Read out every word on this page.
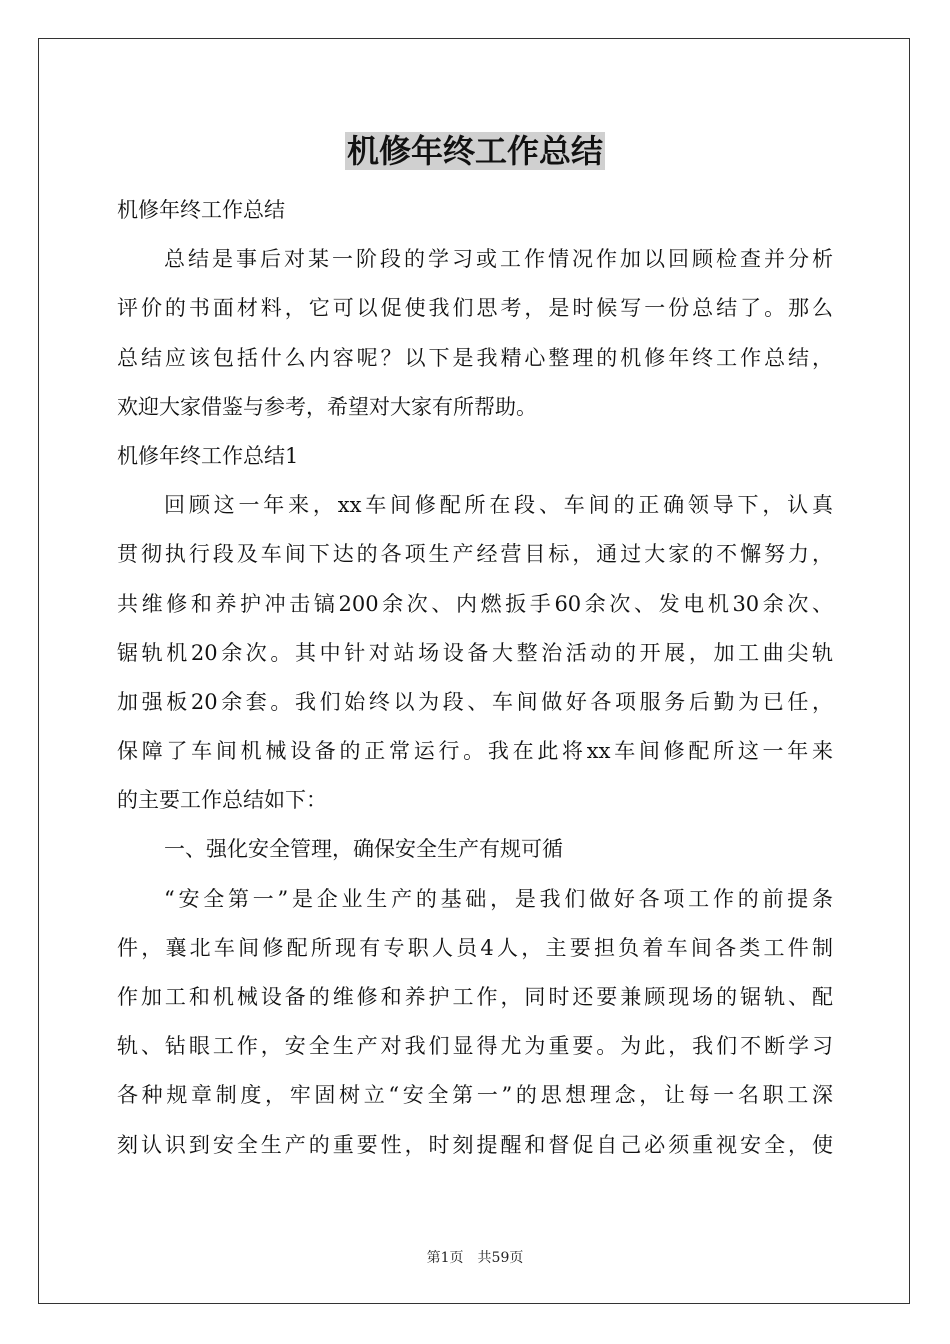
机修年终工作总结
机修年终工作总结
总结是事后对某一阶段的学习或工作情况作加以回顾检查并分析
评价的书面材料，它可以促使我们思考，是时候写一份总结了。那么
总结应该包括什么内容呢？以下是我精心整理的机修年终工作总结，
欢迎大家借鉴与参考，希望对大家有所帮助。
机修年终工作总结1
回顾这一年来，xx车间修配所在段、车间的正确领导下，认真
贯彻执行段及车间下达的各项生产经营目标，通过大家的不懈努力，
共维修和养护冲击镐200余次、内燃扳手60余次、发电机30余次、
锯轨机20余次。其中针对站场设备大整治活动的开展，加工曲尖轨
加强板20余套。我们始终以为段、车间做好各项服务后勤为已任，
保障了车间机械设备的正常运行。我在此将xx车间修配所这一年来
的主要工作总结如下：
一、强化安全管理，确保安全生产有规可循
“安全第一”是企业生产的基础，是我们做好各项工作的前提条
件，襄北车间修配所现有专职人员4人，主要担负着车间各类工件制
作加工和机械设备的维修和养护工作，同时还要兼顾现场的锯轨、配
轨、钻眼工作，安全生产对我们显得尤为重要。为此，我们不断学习
各种规章制度，牢固树立“安全第一”的思想理念，让每一名职工深
刻认识到安全生产的重要性，时刻提醒和督促自己必须重视安全，使
第1页　共59页
